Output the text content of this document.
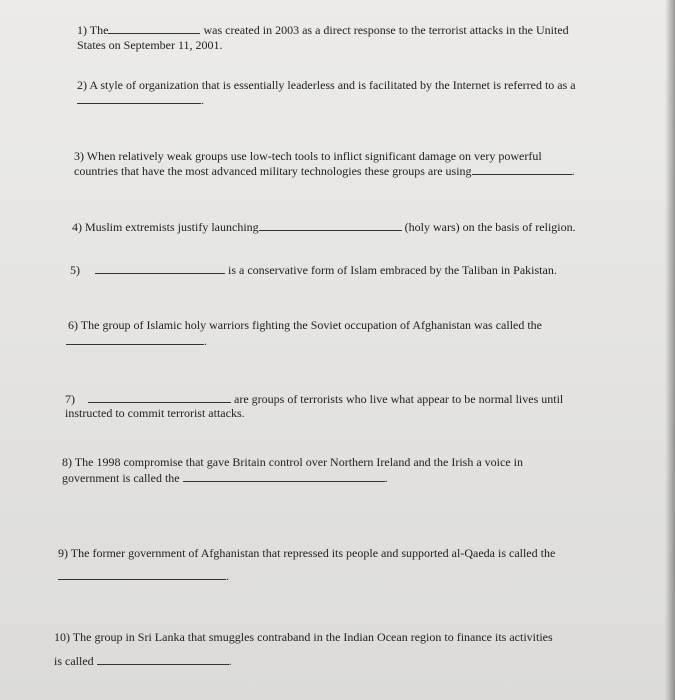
1) The	was created in 2003 as a direct response to the terrorist attacks in the United
States on September 11, 2001.
2) A style of organization that is essentially leaderless and is facilitated by the Internet is referred to as a
.
3) When relatively weak groups use low-tech tools to inflict significant damage on very powerful
countries that have the most advanced military technologies these groups are using	.
4) Muslim extremists justify launching	(holy wars) on the basis of religion.
5)	is a conservative form of Islam embraced by the Taliban in Pakistan.
6) The group of Islamic holy warriors fighting the Soviet occupation of Afghanistan was called the
.
7)	are groups of terrorists who live what appear to be normal lives until
instructed to commit terrorist attacks.
8) The 1998 compromise that gave Britain control over Northern Ireland and the Irish a voice in
government is called the	.
9) The former government of Afghanistan that repressed its people and supported al-Qaeda is called the
.
10) The group in Sri Lanka that smuggles contraband in the Indian Ocean region to finance its activities
is called	.
